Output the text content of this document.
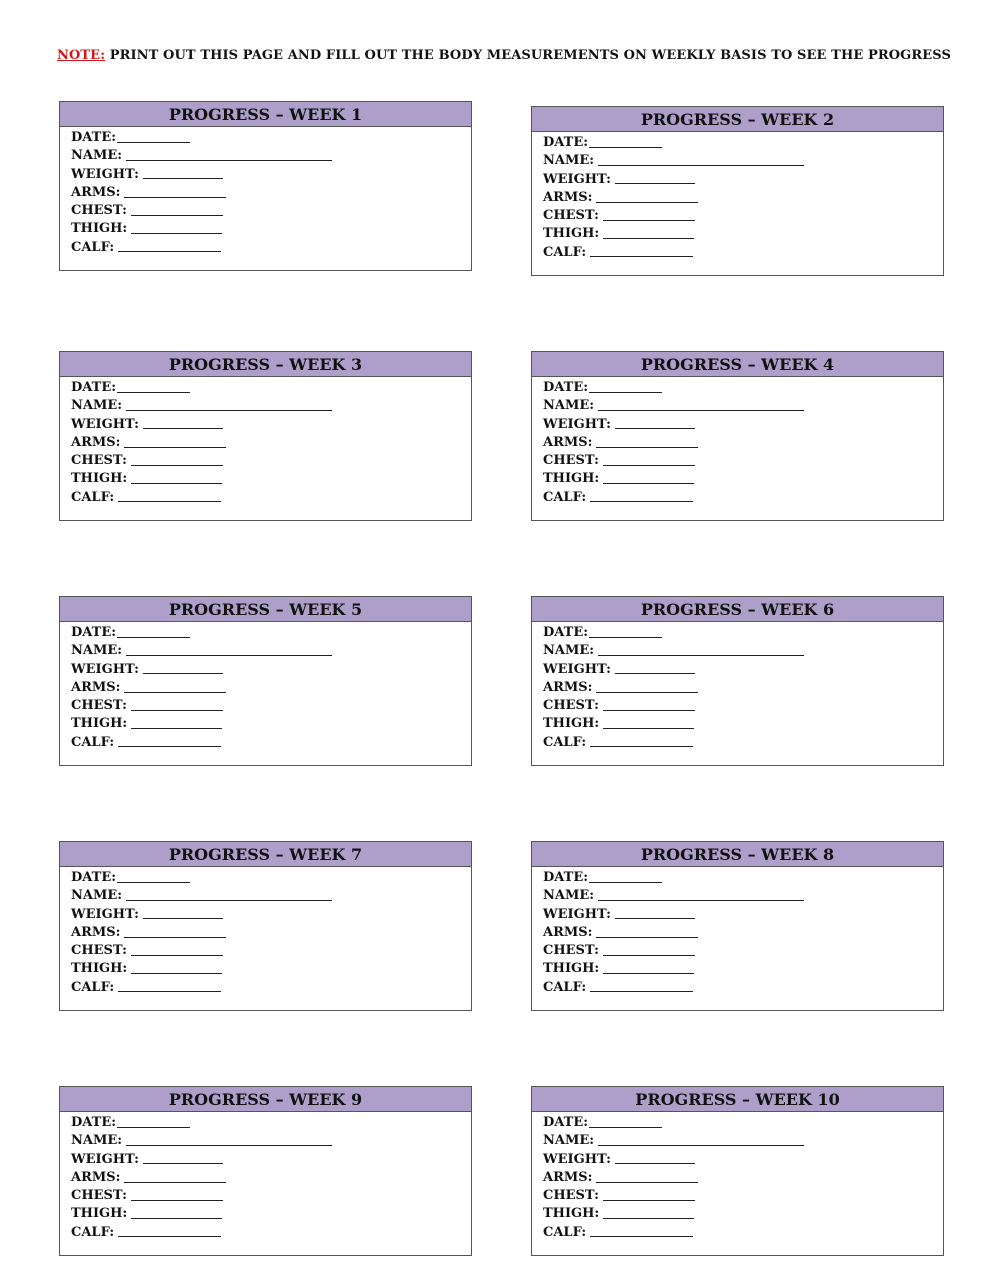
NOTE: PRINT OUT THIS PAGE AND FILL OUT THE BODY MEASUREMENTS ON WEEKLY BASIS TO SEE THE PROGRESS
PROGRESS – WEEK 1
DATE:
NAME:
WEIGHT:
ARMS:
CHEST:
THIGH:
CALF:
PROGRESS – WEEK 2
DATE:
NAME:
WEIGHT:
ARMS:
CHEST:
THIGH:
CALF:
PROGRESS – WEEK 3
DATE:
NAME:
WEIGHT:
ARMS:
CHEST:
THIGH:
CALF:
PROGRESS – WEEK 4
DATE:
NAME:
WEIGHT:
ARMS:
CHEST:
THIGH:
CALF:
PROGRESS – WEEK 5
DATE:
NAME:
WEIGHT:
ARMS:
CHEST:
THIGH:
CALF:
PROGRESS – WEEK 6
DATE:
NAME:
WEIGHT:
ARMS:
CHEST:
THIGH:
CALF:
PROGRESS – WEEK 7
DATE:
NAME:
WEIGHT:
ARMS:
CHEST:
THIGH:
CALF:
PROGRESS – WEEK 8
DATE:
NAME:
WEIGHT:
ARMS:
CHEST:
THIGH:
CALF:
PROGRESS – WEEK 9
DATE:
NAME:
WEIGHT:
ARMS:
CHEST:
THIGH:
CALF:
PROGRESS – WEEK 10
DATE:
NAME:
WEIGHT:
ARMS:
CHEST:
THIGH:
CALF:
